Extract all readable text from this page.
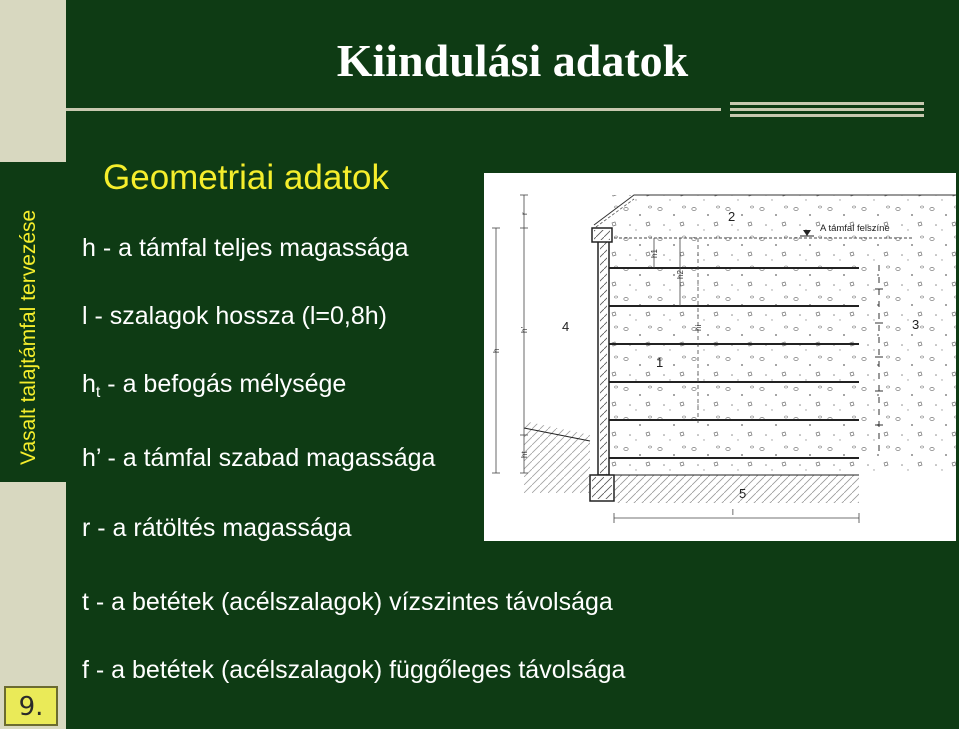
Vasalt talajtámfal tervezése
9.
Kiindulási adatok
Geometriai adatok
h - a támfal teljes magassága
l - szalagok hossza (l=0,8h)
$h_t$ - a befogás mélysége
h’ - a támfal szabad magassága
r - a rátöltés magassága
t - a betétek (acélszalagok) vízszintes távolsága
f - a betétek (acélszalagok) függőleges távolsága
r
h’
h
ht
h1
h2
hi
l
1
2
3
4
5
A támfal felszíne
